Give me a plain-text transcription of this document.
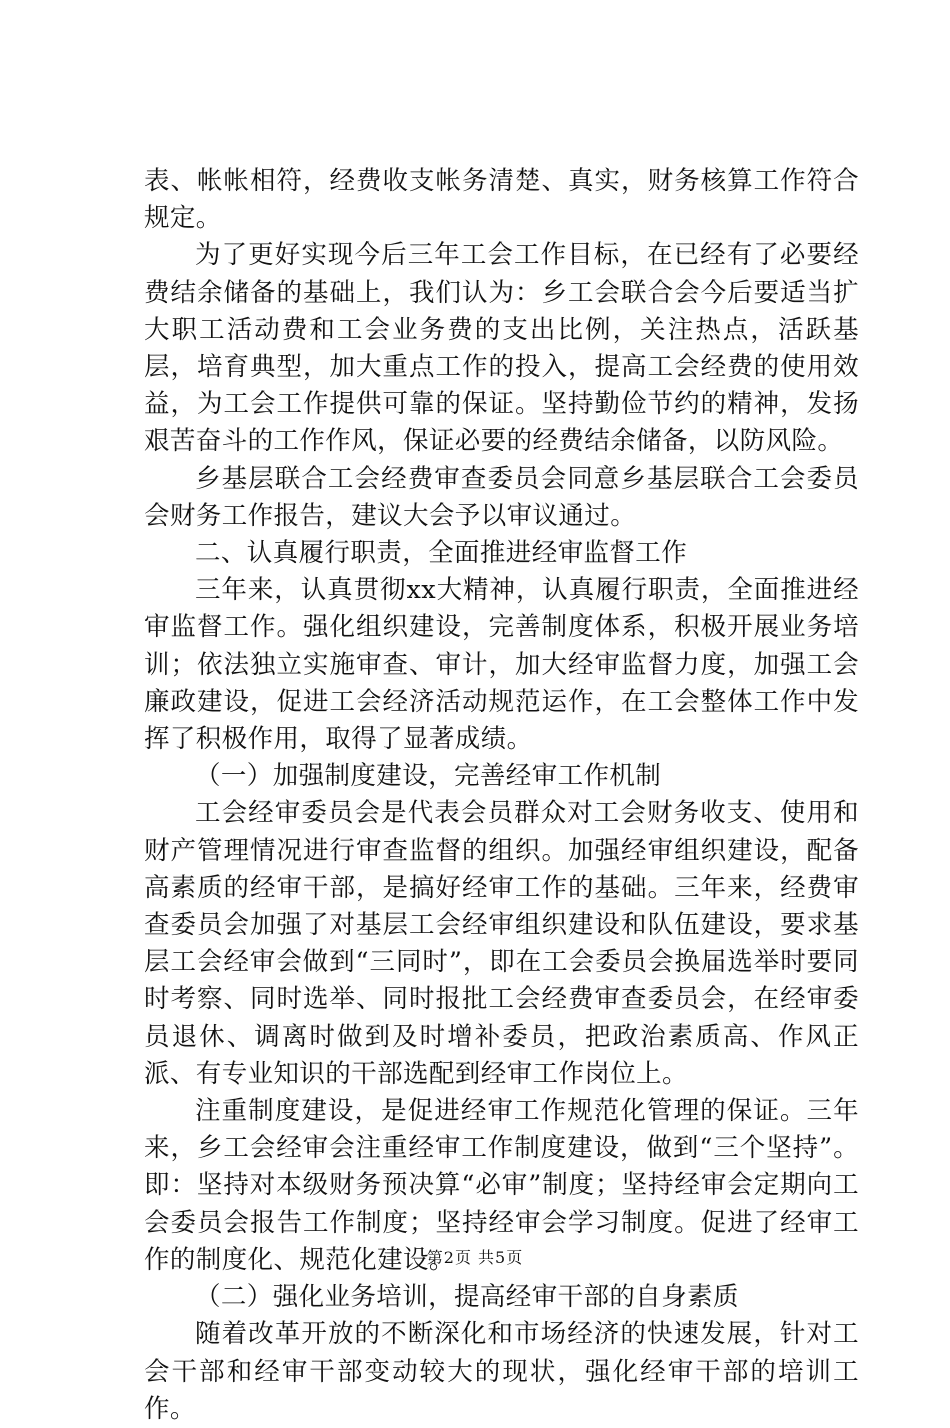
表、帐帐相符，经费收支帐务清楚、真实，财务核算工作符合规定。

为了更好实现今后三年工会工作目标，在已经有了必要经费结余储备的基础上，我们认为：乡工会联合会今后要适当扩大职工活动费和工会业务费的支出比例，关注热点，活跃基层，培育典型，加大重点工作的投入，提高工会经费的使用效益，为工会工作提供可靠的保证。坚持勤俭节约的精神，发扬艰苦奋斗的工作作风，保证必要的经费结余储备，以防风险。

乡基层联合工会经费审查委员会同意乡基层联合工会委员会财务工作报告，建议大会予以审议通过。

二、认真履行职责，全面推进经审监督工作

三年来，认真贯彻xx大精神，认真履行职责，全面推进经审监督工作。强化组织建设，完善制度体系，积极开展业务培训；依法独立实施审查、审计，加大经审监督力度，加强工会廉政建设，促进工会经济活动规范运作，在工会整体工作中发挥了积极作用，取得了显著成绩。

（一）加强制度建设，完善经审工作机制

工会经审委员会是代表会员群众对工会财务收支、使用和财产管理情况进行审查监督的组织。加强经审组织建设，配备高素质的经审干部，是搞好经审工作的基础。三年来，经费审查委员会加强了对基层工会经审组织建设和队伍建设，要求基层工会经审会做到“三同时”，即在工会委员会换届选举时要同时考察、同时选举、同时报批工会经费审查委员会，在经审委员退休、调离时做到及时增补委员，把政治素质高、作风正派、有专业知识的干部选配到经审工作岗位上。

注重制度建设，是促进经审工作规范化管理的保证。三年来，乡工会经审会注重经审工作制度建设，做到“三个坚持”。即：坚持对本级财务预决算“必审”制度；坚持经审会定期向工会委员会报告工作制度；坚持经审会学习制度。促进了经审工作的制度化、规范化建设。

（二）强化业务培训，提高经审干部的自身素质

随着改革开放的不断深化和市场经济的快速发展，针对工会干部和经审干部变动较大的现状，强化经审干部的培训工作。

第2页 共5页
